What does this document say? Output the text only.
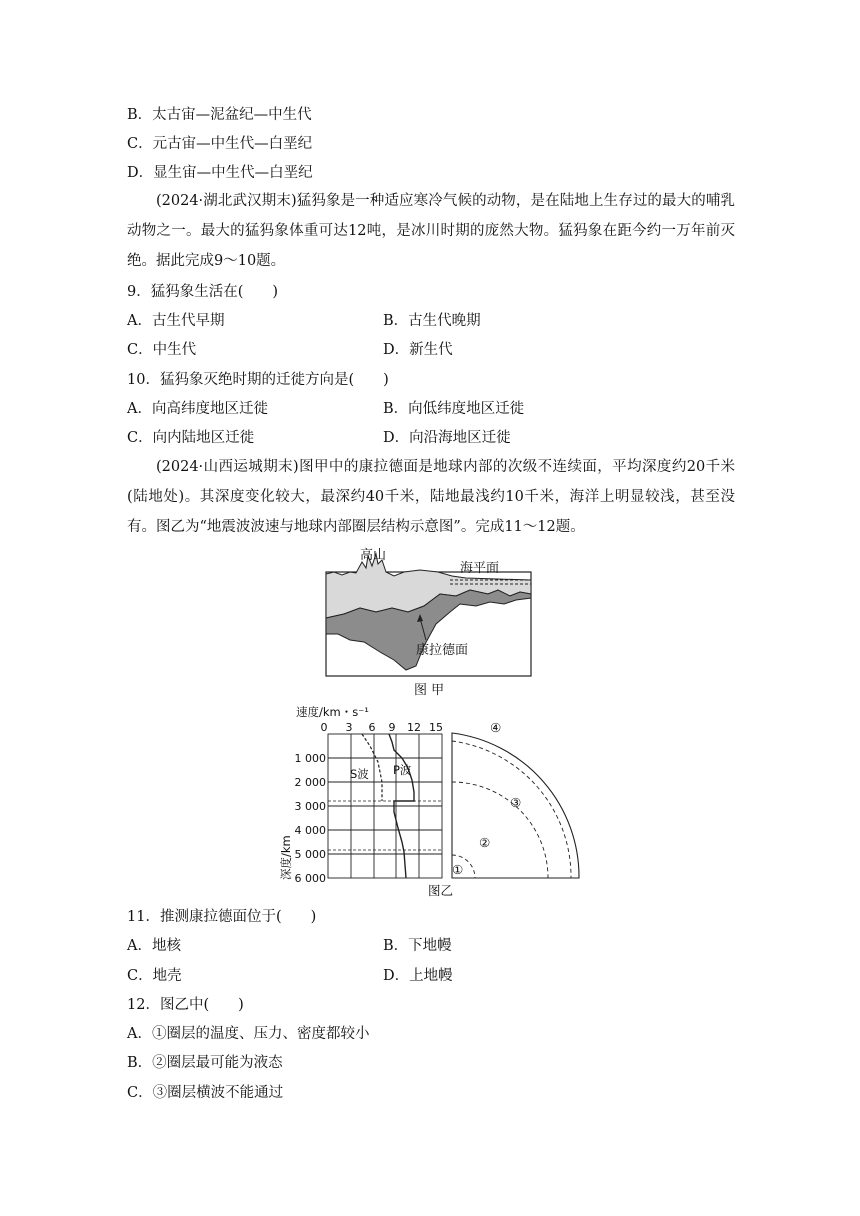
B．太古宙—泥盆纪—中生代
C．元古宙—中生代—白垩纪
D．显生宙—中生代—白垩纪
(2024·湖北武汉期末)猛犸象是一种适应寒冷气候的动物，是在陆地上生存过的最大的哺乳动物之一。最大的猛犸象体重可达12吨，是冰川时期的庞然大物。猛犸象在距今约一万年前灭绝。据此完成9～10题。
9．猛犸象生活在(　　)
A．古生代早期	B．古生代晚期
C．中生代	D．新生代
10．猛犸象灭绝时期的迁徙方向是(　　)
A．向高纬度地区迁徙	B．向低纬度地区迁徙
C．向内陆地区迁徙	D．向沿海地区迁徙
(2024·山西运城期末)图甲中的康拉德面是地球内部的次级不连续面，平均深度约20千米(陆地处)。其深度变化较大，最深约40千米，陆地最浅约10千米，海洋上明显较浅，甚至没有。图乙为“地震波波速与地球内部圈层结构示意图”。完成11～12题。
高山
海平面
康拉德面
图 甲
速度/km・s⁻¹
0 3 6 9 12 15
1 000
2 000
3 000
4 000
5 000
6 000
深度/km
S波 P波
④
③
②
①
图乙
11．推测康拉德面位于(　　)
A．地核	B．下地幔
C．地壳	D．上地幔
12．图乙中(　　)
A．①圈层的温度、压力、密度都较小
B．②圈层最可能为液态
C．③圈层横波不能通过
